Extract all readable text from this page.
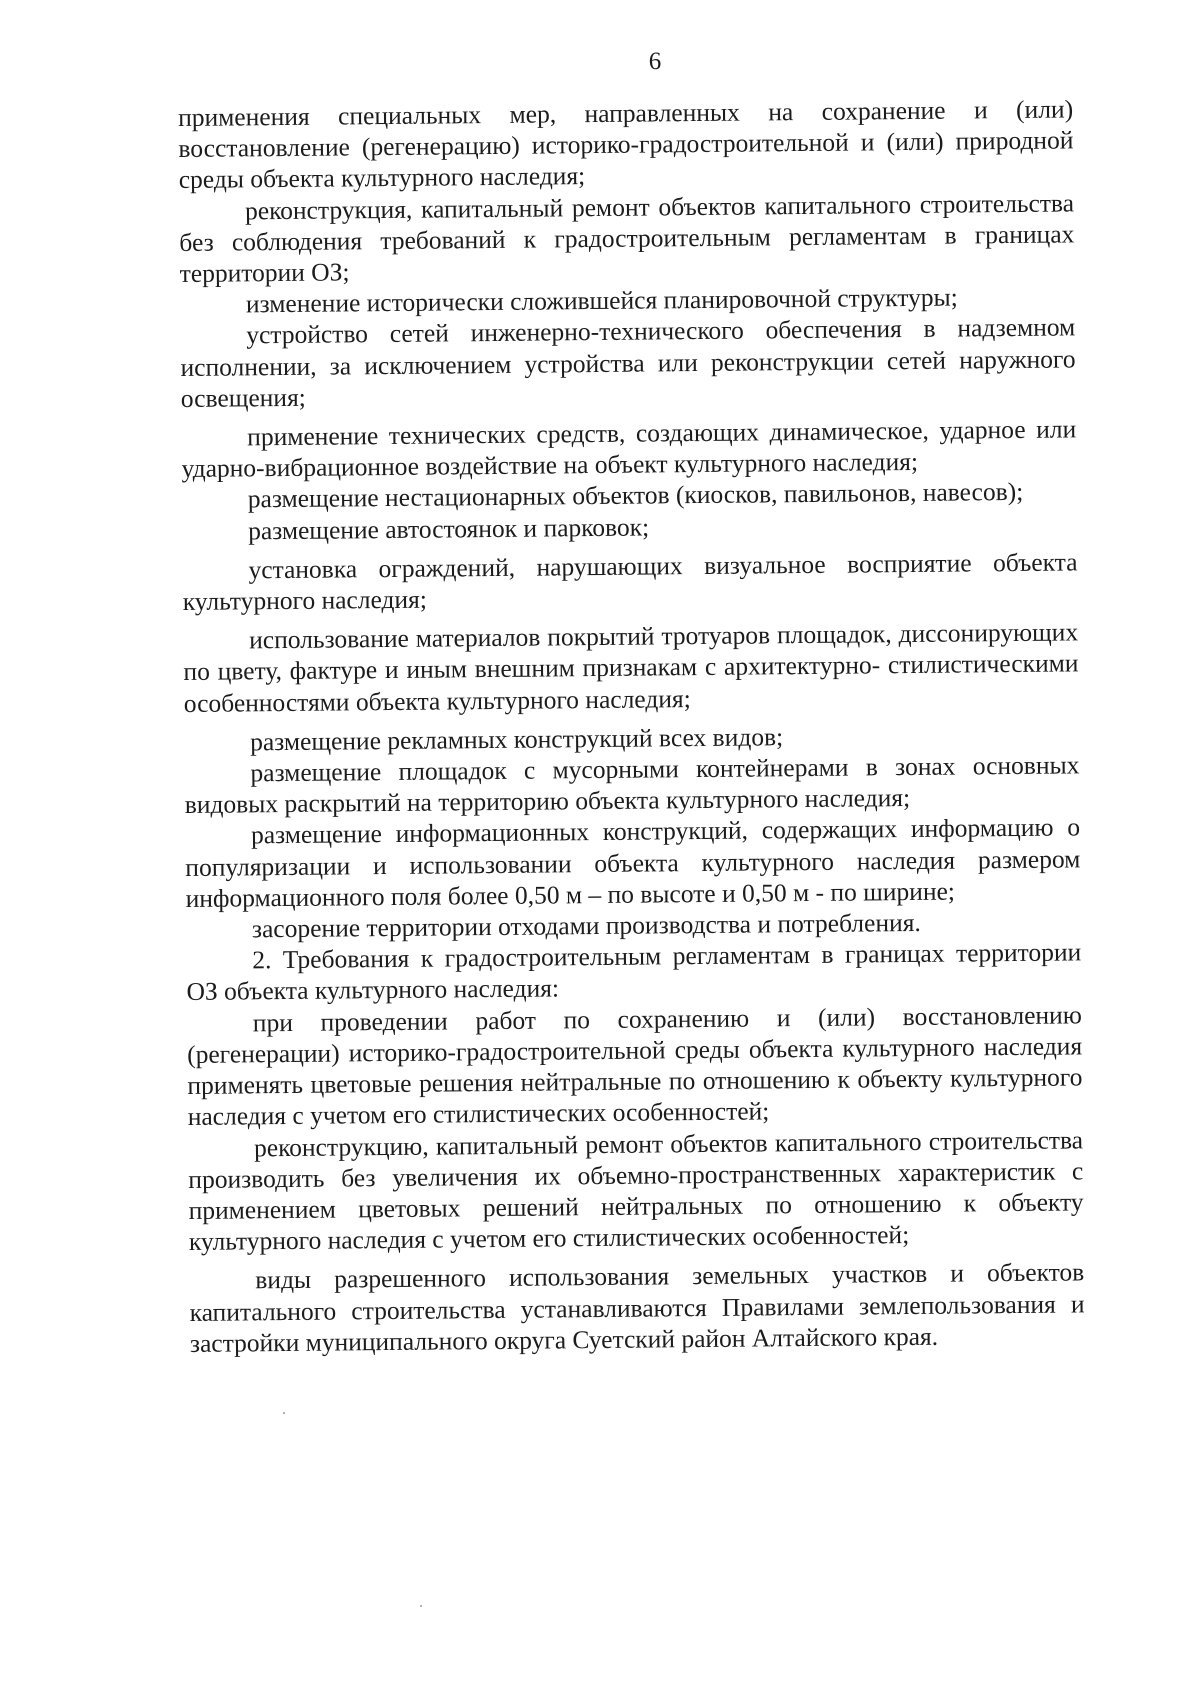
6

применения специальных мер, направленных на сохранение и (или) восстановление (регенерацию) историко-градостроительной и (или) природной среды объекта культурного наследия;

реконструкция, капитальный ремонт объектов капитального строительства без соблюдения требований к градостроительным регламентам в границах территории ОЗ;

изменение исторически сложившейся планировочной структуры;

устройство сетей инженерно-технического обеспечения в надземном исполнении, за исключением устройства или реконструкции сетей наружного освещения;

применение технических средств, создающих динамическое, ударное или ударно-вибрационное воздействие на объект культурного наследия;

размещение нестационарных объектов (киосков, павильонов, навесов);

размещение автостоянок и парковок;

установка ограждений, нарушающих визуальное восприятие объекта культурного наследия;

использование материалов покрытий тротуаров площадок, диссонирующих по цвету, фактуре и иным внешним признакам с архитектурно- стилистическими особенностями объекта культурного наследия;

размещение рекламных конструкций всех видов;

размещение площадок с мусорными контейнерами в зонах основных видовых раскрытий на территорию объекта культурного наследия;

размещение информационных конструкций, содержащих информацию о популяризации и использовании объекта культурного наследия размером информационного поля более 0,50 м – по высоте и 0,50 м - по ширине;

засорение территории отходами производства и потребления.

2. Требования к градостроительным регламентам в границах территории ОЗ объекта культурного наследия:

при проведении работ по сохранению и (или) восстановлению (регенерации) историко-градостроительной среды объекта культурного наследия применять цветовые решения нейтральные по отношению к объекту культурного наследия с учетом его стилистических особенностей;

реконструкцию, капитальный ремонт объектов капитального строительства производить без увеличения их объемно-пространственных характеристик с применением цветовых решений нейтральных по отношению к объекту культурного наследия с учетом его стилистических особенностей;

виды разрешенного использования земельных участков и объектов капитального строительства устанавливаются Правилами землепользования и застройки муниципального округа Суетский район Алтайского края.
